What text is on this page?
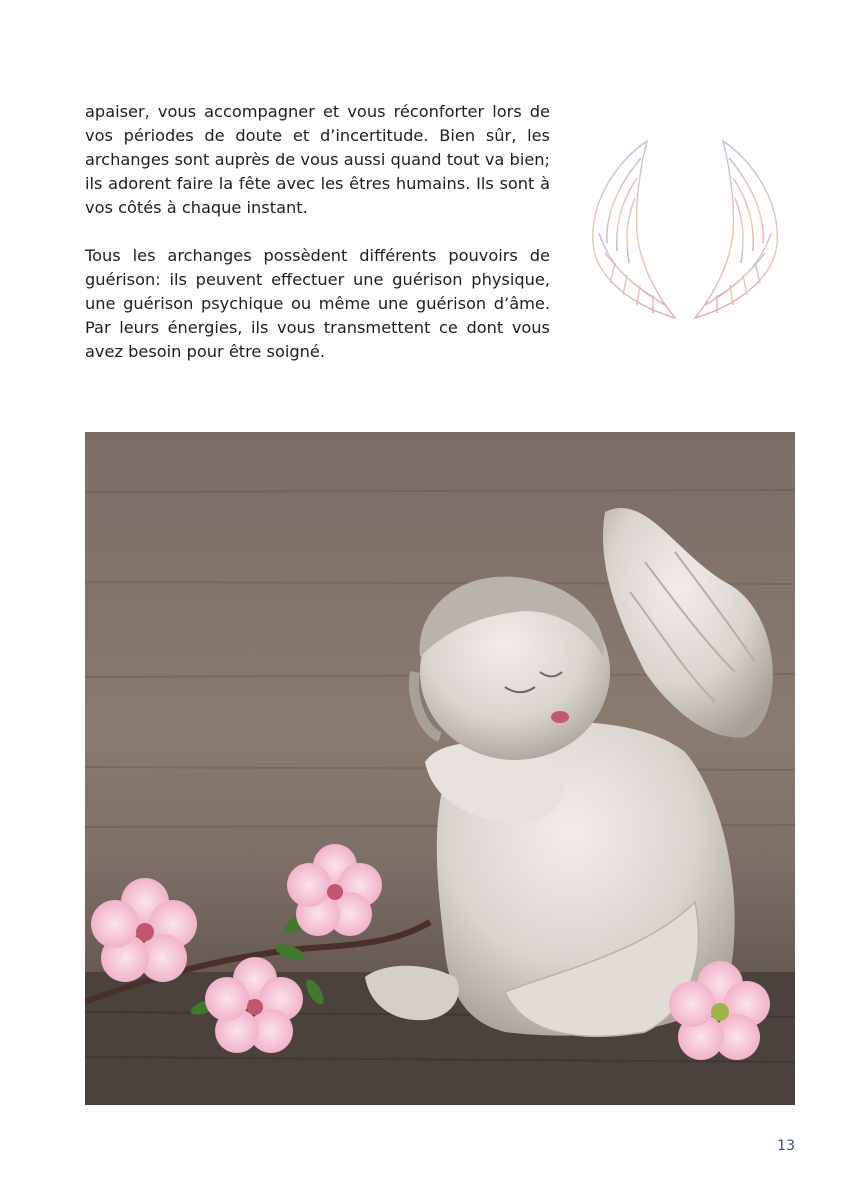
apaiser, vous accompagner et vous réconforter lors de vos périodes de doute et d’incertitude. Bien sûr, les archanges sont auprès de vous aussi quand tout va bien; ils adorent faire la fête avec les êtres humains. Ils sont à vos côtés à chaque instant.

Tous les archanges possèdent différents pouvoirs de guérison: ils peuvent effectuer une guérison physique, une guérison psychique ou même une guérison d’âme. Par leurs énergies, ils vous transmettent ce dont vous avez besoin pour être soigné.

13
